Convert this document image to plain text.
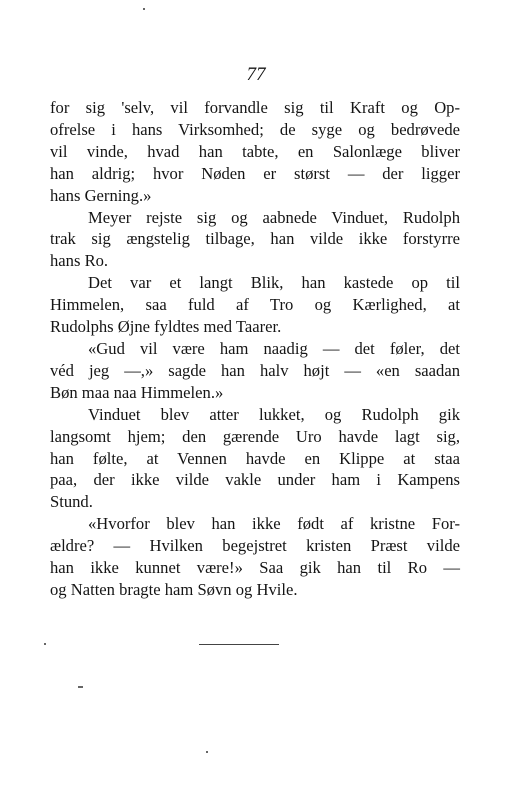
77
for sig 'selv, vil forvandle sig til Kraft og Op-
ofrelse i hans Virksomhed; de syge og bedrøvede
vil vinde, hvad han tabte, en Salonlæge bliver
han aldrig; hvor Nøden er størst — der ligger
hans Gerning.»
Meyer rejste sig og aabnede Vinduet, Rudolph
trak sig ængstelig tilbage, han vilde ikke forstyrre
hans Ro.
Det var et langt Blik, han kastede op til
Himmelen, saa fuld af Tro og Kærlighed, at
Rudolphs Øjne fyldtes med Taarer.
«Gud vil være ham naadig — det føler, det
véd jeg —,» sagde han halv højt — «en saadan
Bøn maa naa Himmelen.»
Vinduet blev atter lukket, og Rudolph gik
langsomt hjem; den gærende Uro havde lagt sig,
han følte, at Vennen havde en Klippe at staa
paa, der ikke vilde vakle under ham i Kampens
Stund.
«Hvorfor blev han ikke født af kristne For-
ældre? — Hvilken begejstret kristen Præst vilde
han ikke kunnet være!» Saa gik han til Ro —
og Natten bragte ham Søvn og Hvile.
